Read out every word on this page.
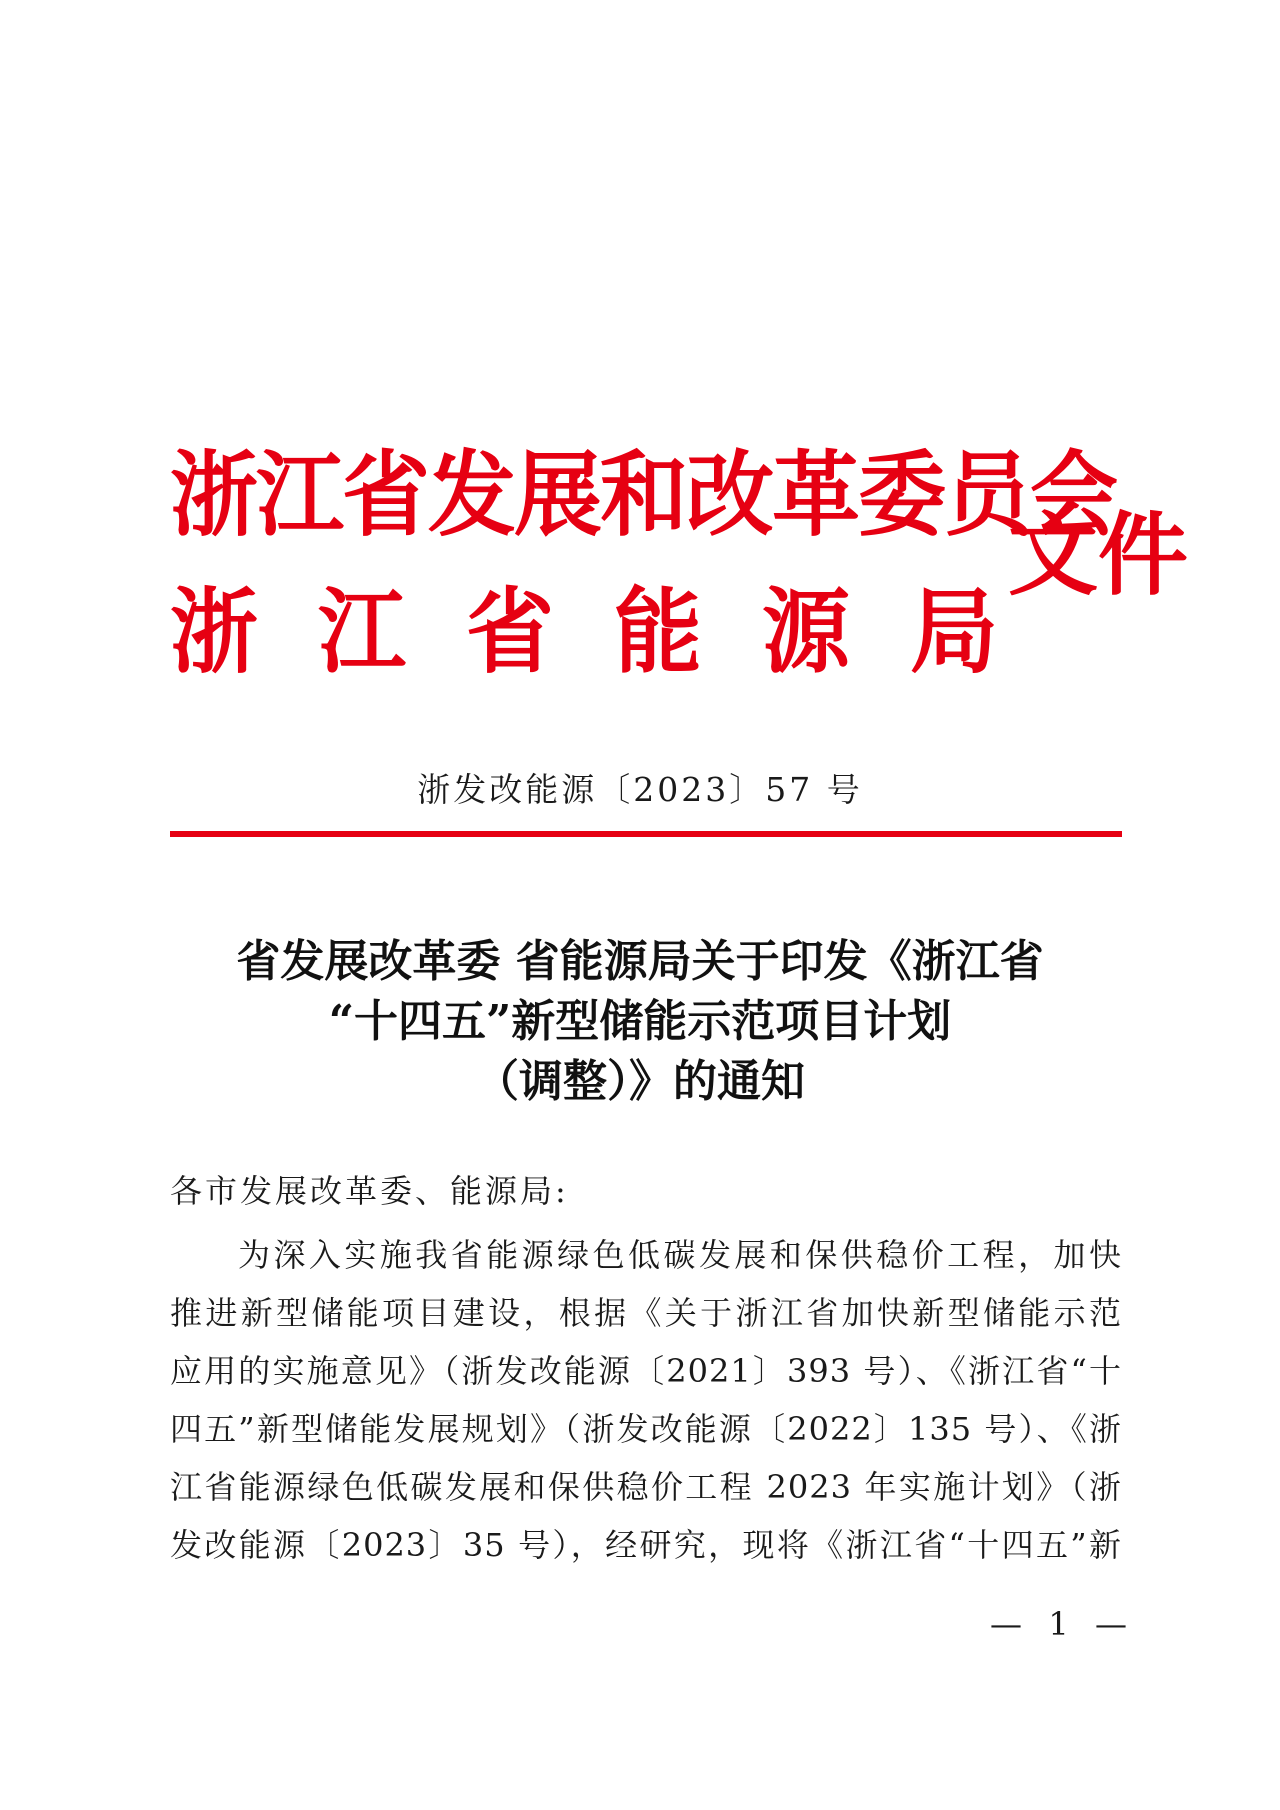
浙江省发展和改革委员会
浙 江 省 能 源 局
文件
浙发改能源〔2023〕57 号
省发展改革委 省能源局关于印发《浙江省
“十四五”新型储能示范项目计划
（调整）》的通知
各市发展改革委、能源局:
为深入实施我省能源绿色低碳发展和保供稳价工程，加快
推进新型储能项目建设，根据《关于浙江省加快新型储能示范
应用的实施意见》（浙发改能源〔2021〕393 号）、《浙江省“十
四五”新型储能发展规划》（浙发改能源〔2022〕135 号）、《浙
江省能源绿色低碳发展和保供稳价工程 2023 年实施计划》（浙
发改能源〔2023〕35 号），经研究，现将《浙江省“十四五”新
—  1  —
